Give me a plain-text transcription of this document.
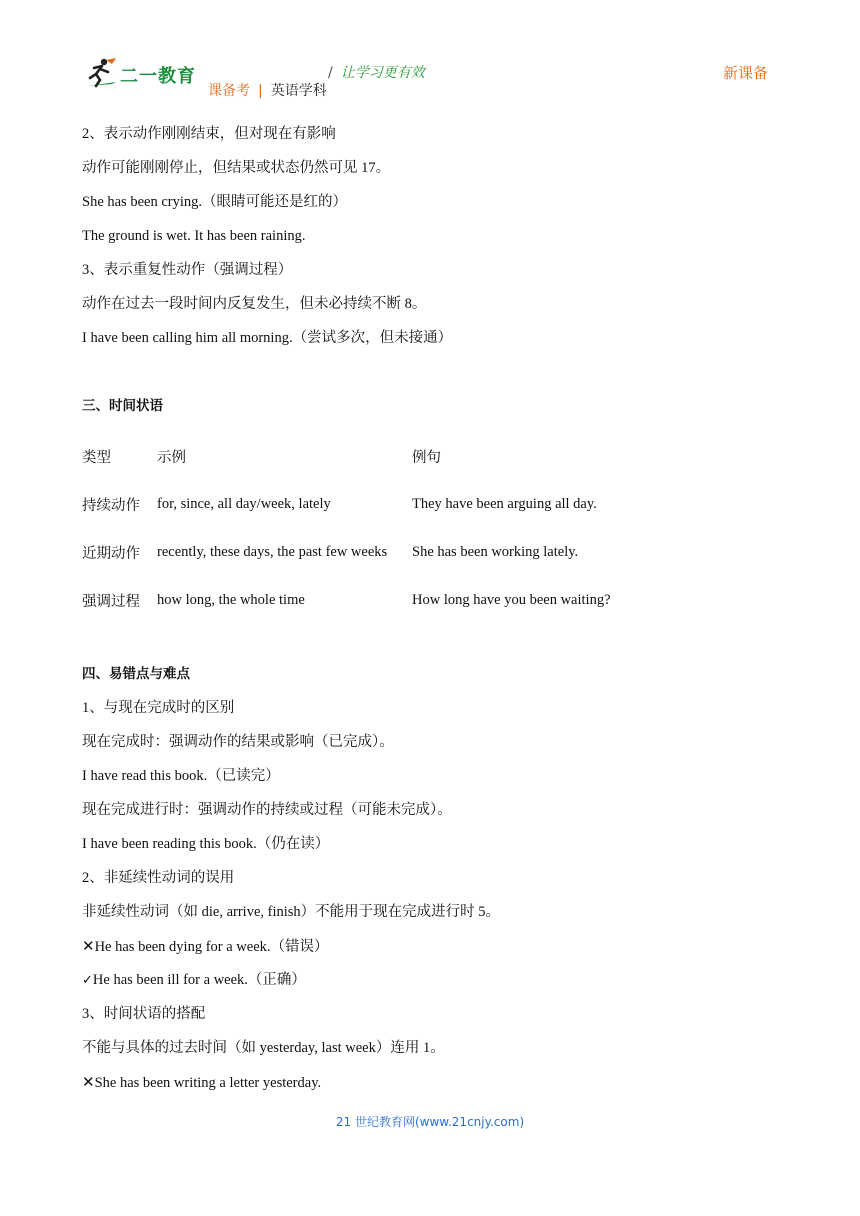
二一教育	/ 让学习更有效
课备考 | 英语学科
新课备
2、表示动作刚刚结束，但对现在有影响
动作可能刚刚停止，但结果或状态仍然可见 17。
She has been crying.（眼睛可能还是红的）
The ground is wet. It has been raining.
3、表示重复性动作（强调过程）
动作在过去一段时间内反复发生，但未必持续不断 8。
I have been calling him all morning.（尝试多次，但未接通）
三、时间状语
类型	示例	例句
持续动作	for, since, all day/week, lately	They have been arguing all day.
近期动作	recently, these days, the past few weeks	She has been working lately.
强调过程	how long, the whole time	How long have you been waiting?
四、易错点与难点
1、与现在完成时的区别
现在完成时：强调动作的结果或影响（已完成）。
I have read this book.（已读完）
现在完成进行时：强调动作的持续或过程（可能未完成）。
I have been reading this book.（仍在读）
2、非延续性动词的误用
非延续性动词（如 die, arrive, finish）不能用于现在完成进行时 5。
✕He has been dying for a week.（错误）
✓He has been ill for a week.（正确）
3、时间状语的搭配
不能与具体的过去时间（如 yesterday, last week）连用 1。
✕She has been writing a letter yesterday.
21 世纪教育网(www.21cnjy.com)
